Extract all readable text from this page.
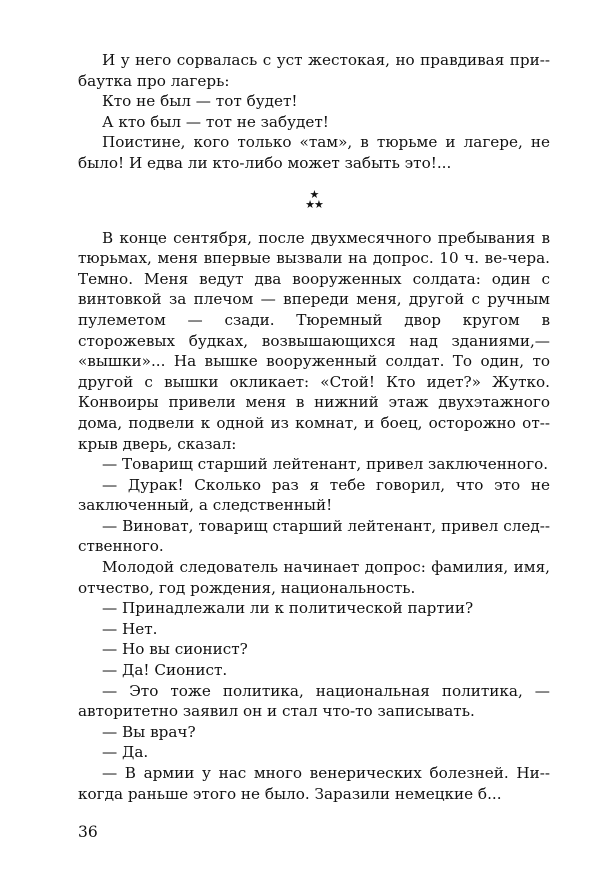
И у него сорвалась с уст жестокая, но правдивая при-баутка про лагерь:

Кто не был — тот будет!

А кто был — тот не забудет!

Поистине, кого только «там», в тюрьме и лагере, не было! И едва ли кто-либо может забыть это!...

★
★★

В конце сентября, после двухмесячного пребывания в тюрьмах, меня впервые вызвали на допрос. 10 ч. ве-чера. Темно. Меня ведут два вооруженных солдата: один с винтовкой за плечом — впереди меня, другой с ручным пулеметом — сзади. Тюремный двор кругом в сторожевых будках, возвышающихся над зданиями,— «вышки»... На вышке вооруженный солдат. То один, то другой с вышки окликает: «Стой! Кто идет?» Жутко. Конвоиры привели меня в нижний этаж двухэтажного дома, подвели к одной из комнат, и боец, осторожно от-крыв дверь, сказал:

— Товарищ старший лейтенант, привел заключенного.

— Дурак! Сколько раз я тебе говорил, что это не заключенный, а следственный!

— Виноват, товарищ старший лейтенант, привел след-ственного.

Молодой следователь начинает допрос: фамилия, имя, отчество, год рождения, национальность.

— Принадлежали ли к политической партии?

— Нет.

— Но вы сионист?

— Да! Сионист.

— Это тоже политика, национальная политика, — авторитетно заявил он и стал что-то записывать.

— Вы врач?

— Да.

— В армии у нас много венерических болезней. Ни-когда раньше этого не было. Заразили немецкие б...

36
